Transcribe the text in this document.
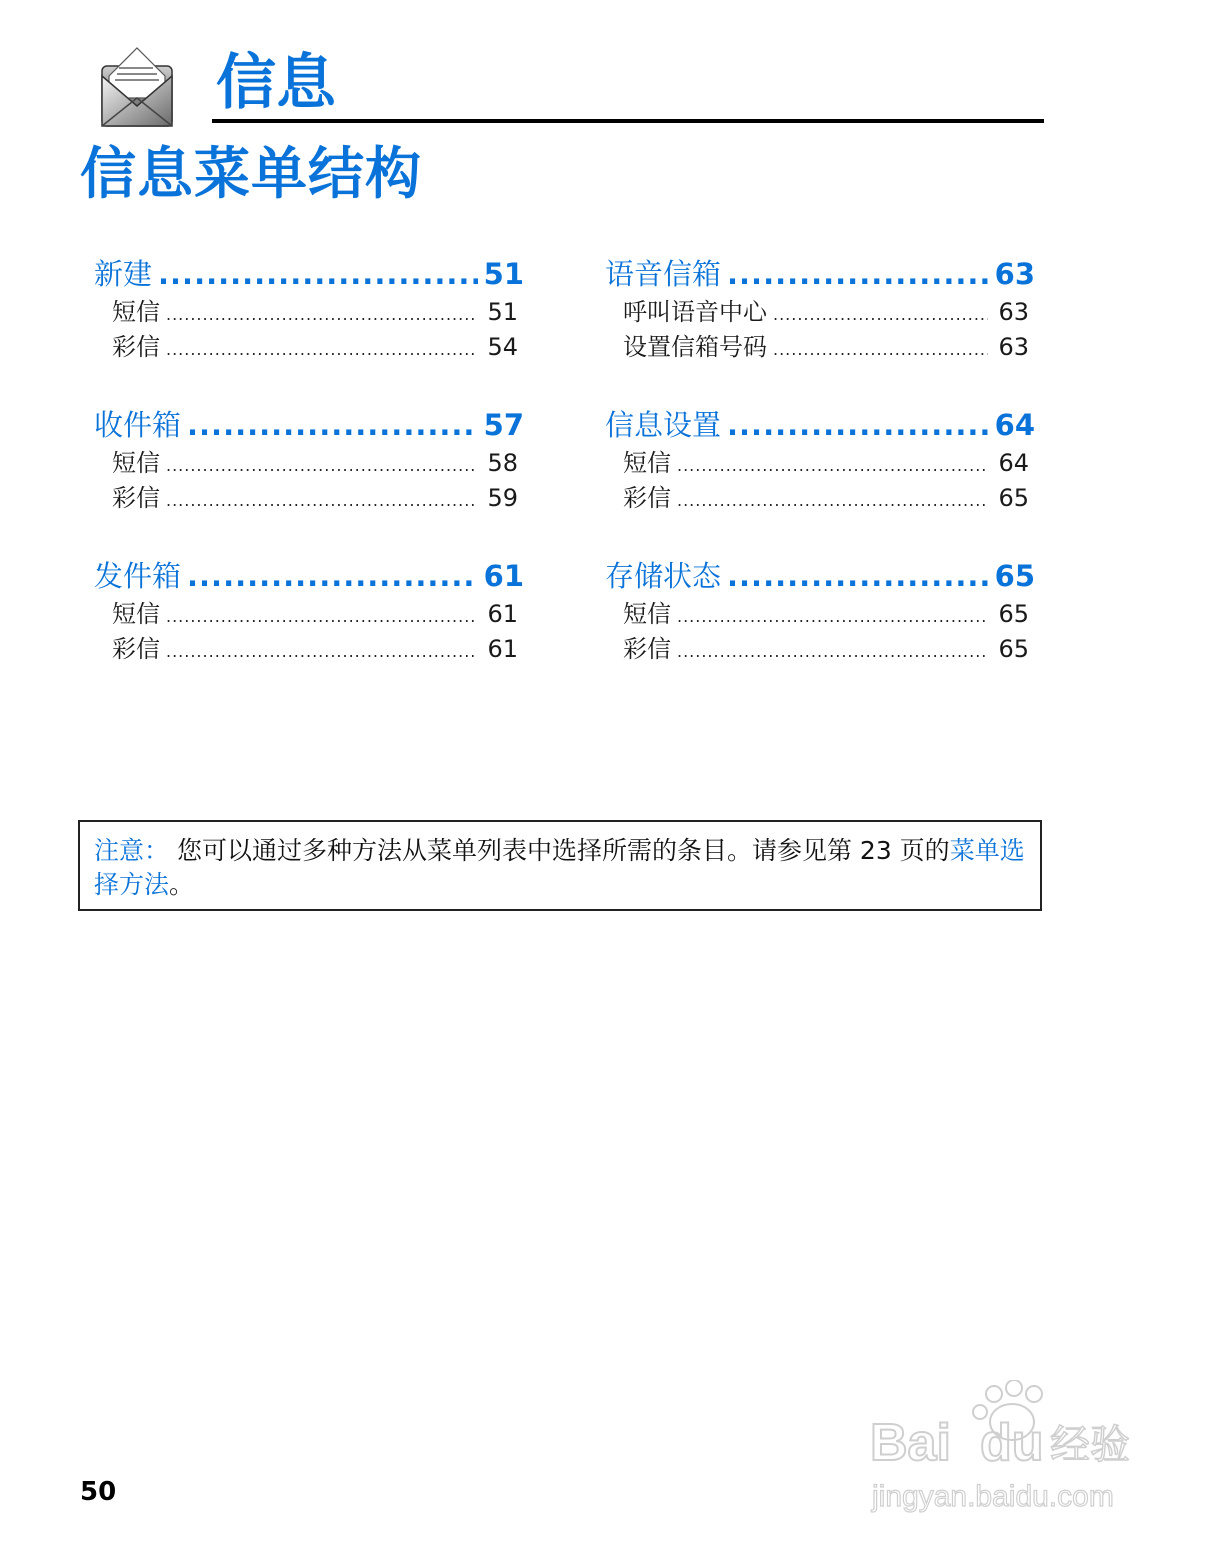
信息
信息菜单结构
新建 .....	51
短信 .....	51
彩信 .....	54
收件箱 .....	57
短信 .....	58
彩信 .....	59
发件箱 .....	61
短信 .....	61
彩信 .....	61
语音信箱 .....	63
呼叫语音中心 .....	63
设置信箱号码 .....	63
信息设置 .....	64
短信 .....	64
彩信 .....	65
存储状态 .....	65
短信 .....	65
彩信 .....	65
注意： 您可以通过多种方法从菜单列表中选择所需的条目。请参见第 23 页的菜单选择方法。
50
Bai du 经验
jingyan.baidu.com
